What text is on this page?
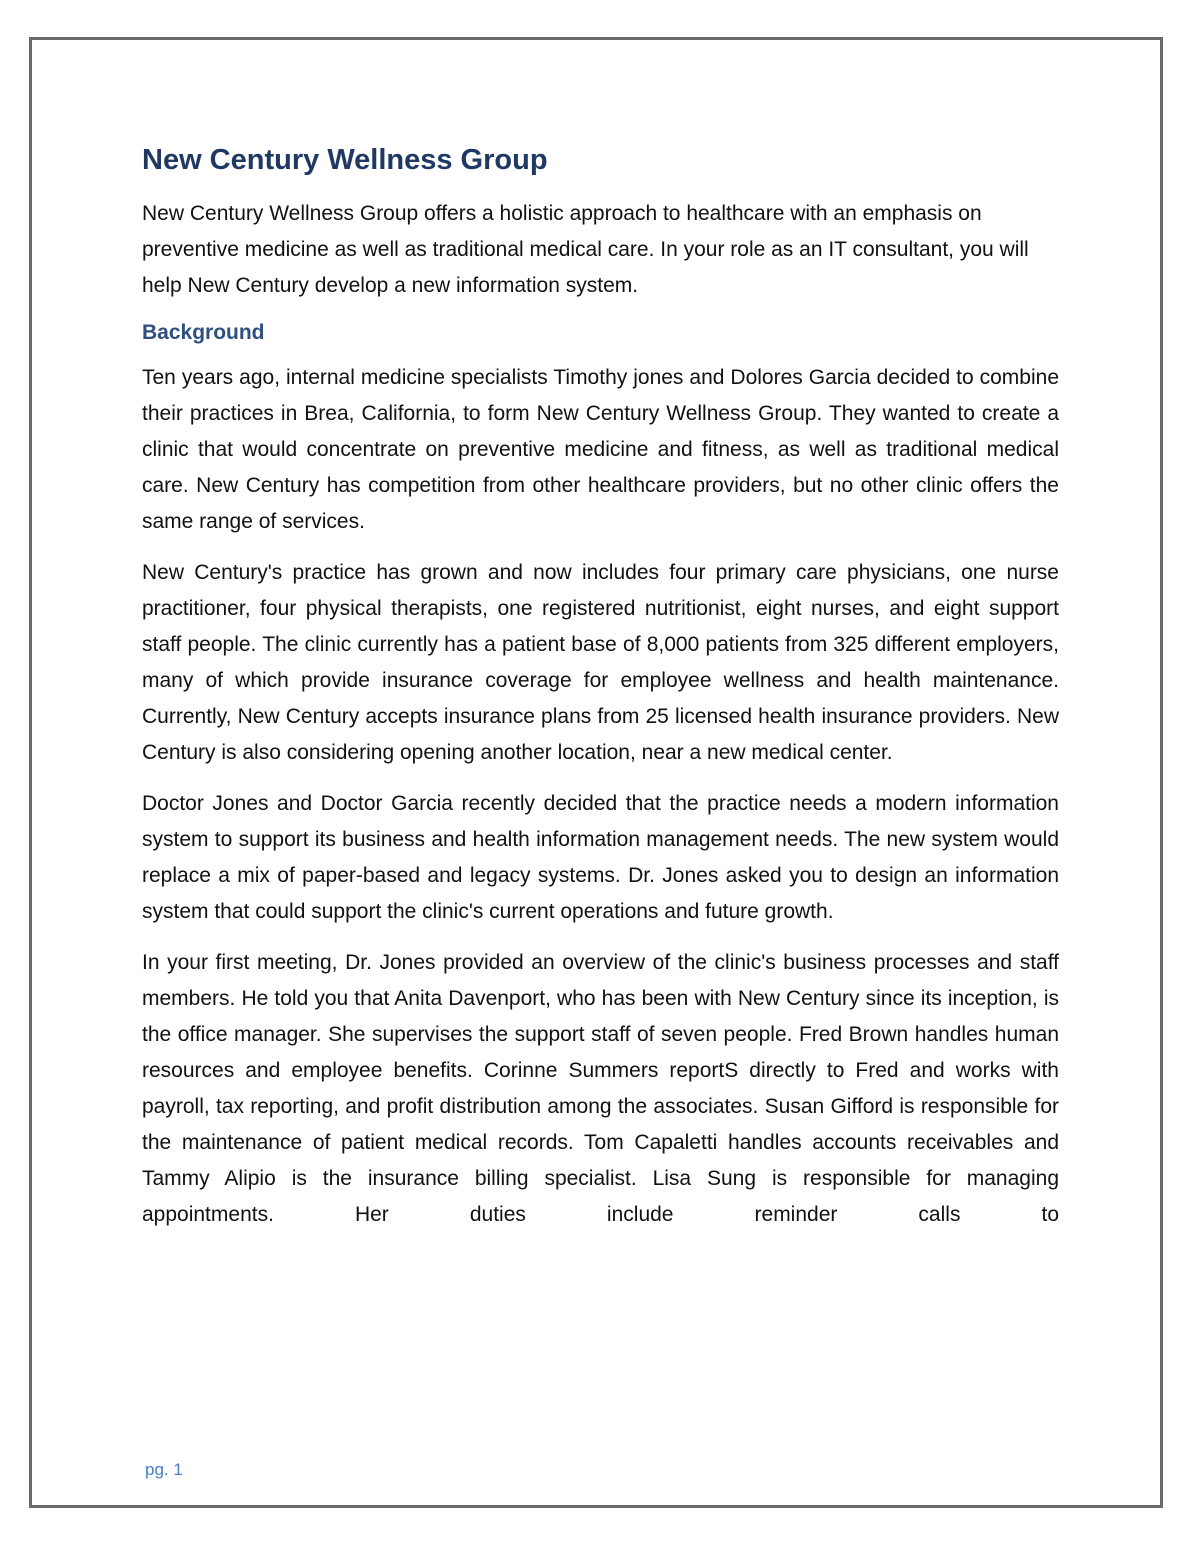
New Century Wellness Group

New Century Wellness Group offers a holistic approach to healthcare with an emphasis on preventive medicine as well as traditional medical care. In your role as an IT consultant, you will help New Century develop a new information system.

Background

Ten years ago, internal medicine specialists Timothy jones and Dolores Garcia decided to combine their practices in Brea, California, to form New Century Wellness Group. They wanted to create a clinic that would concentrate on preventive medicine and fitness, as well as traditional medical care. New Century has competition from other healthcare providers, but no other clinic offers the same range of services.

New Century's practice has grown and now includes four primary care physicians, one nurse practitioner, four physical therapists, one registered nutritionist, eight nurses, and eight support staff people. The clinic currently has a patient base of 8,000 patients from 325 different employers, many of which provide insurance coverage for employee wellness and health maintenance. Currently, New Century accepts insurance plans from 25 licensed health insurance providers. New Century is also considering opening another location, near a new medical center.

Doctor Jones and Doctor Garcia recently decided that the practice needs a modern information system to support its business and health information management needs. The new system would replace a mix of paper-based and legacy systems. Dr. Jones asked you to design an information system that could support the clinic's current operations and future growth.

In your first meeting, Dr. Jones provided an overview of the clinic's business processes and staff members. He told you that Anita Davenport, who has been with New Century since its inception, is the office manager. She supervises the support staff of seven people. Fred Brown handles human resources and employee benefits. Corinne Summers reportS directly to Fred and works with payroll, tax reporting, and profit distribution among the associates. Susan Gifford is responsible for the maintenance of patient medical records. Tom Capaletti handles accounts receivables and Tammy Alipio is the insurance billing specialist. Lisa Sung is responsible for managing appointments. Her duties include reminder calls to

pg. 1
